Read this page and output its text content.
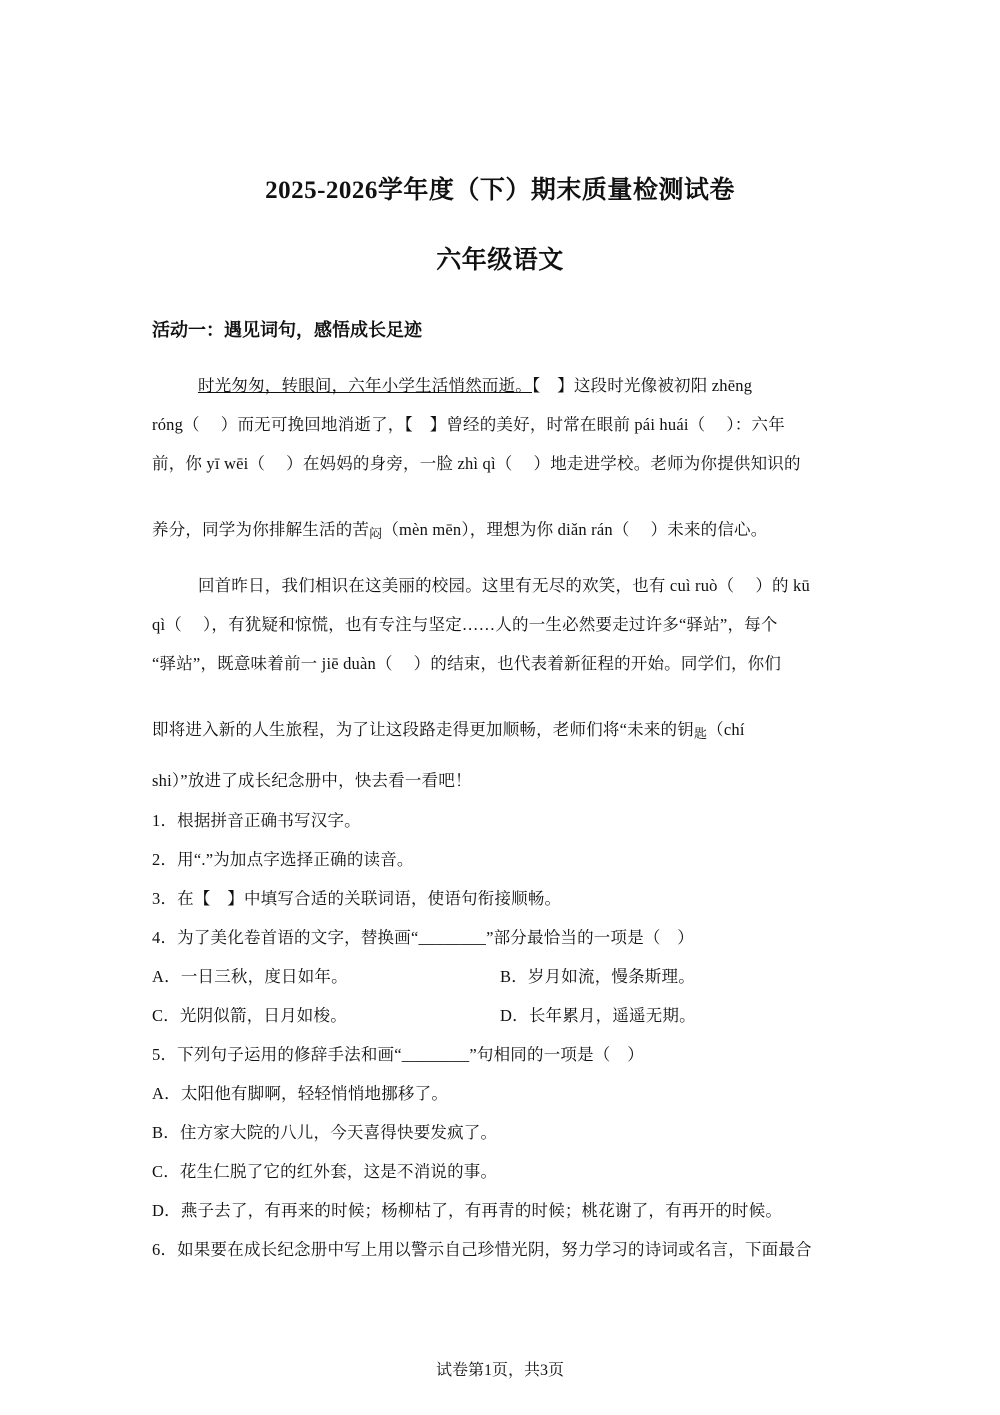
2025-2026学年度（下）期末质量检测试卷
六年级语文
活动一：遇见词句，感悟成长足迹
时光匆匆，转眼间，六年小学生活悄然而逝。【　】这段时光像被初阳 zhēng
róng（　 ）而无可挽回地消逝了，【　】曾经的美好，时常在眼前 pái huái（　 ）：六年
前，你 yī wēi（　 ）在妈妈的身旁，一脸 zhì qì（　 ）地走进学校。老师为你提供知识的
养分，同学为你排解生活的苦闷（mèn mēn），理想为你 diǎn rán（　 ）未来的信心。
回首昨日，我们相识在这美丽的校园。这里有无尽的欢笑，也有 cuì ruò（　 ）的 kū
qì（　 ），有犹疑和惊慌，也有专注与坚定……人的一生必然要走过许多“驿站”，每个
“驿站”，既意味着前一 jiē duàn（　 ）的结束，也代表着新征程的开始。同学们，你们
即将进入新的人生旅程，为了让这段路走得更加顺畅，老师们将“未来的钥匙（chí
shi）”放进了成长纪念册中，快去看一看吧！
1．根据拼音正确书写汉字。
2．用“.”为加点字选择正确的读音。
3．在【　】中填写合适的关联词语，使语句衔接顺畅。
4．为了美化卷首语的文字，替换画“________”部分最恰当的一项是（　）
A．一日三秋，度日如年。	B．岁月如流，慢条斯理。
C．光阴似箭，日月如梭。	D．长年累月，遥遥无期。
5．下列句子运用的修辞手法和画“________”句相同的一项是（　）
A．太阳他有脚啊，轻轻悄悄地挪移了。
B．住方家大院的八儿，今天喜得快要发疯了。
C．花生仁脱了它的红外套，这是不消说的事。
D．燕子去了，有再来的时候；杨柳枯了，有再青的时候；桃花谢了，有再开的时候。
6．如果要在成长纪念册中写上用以警示自己珍惜光阴，努力学习的诗词或名言，下面最合
试卷第1页，共3页
